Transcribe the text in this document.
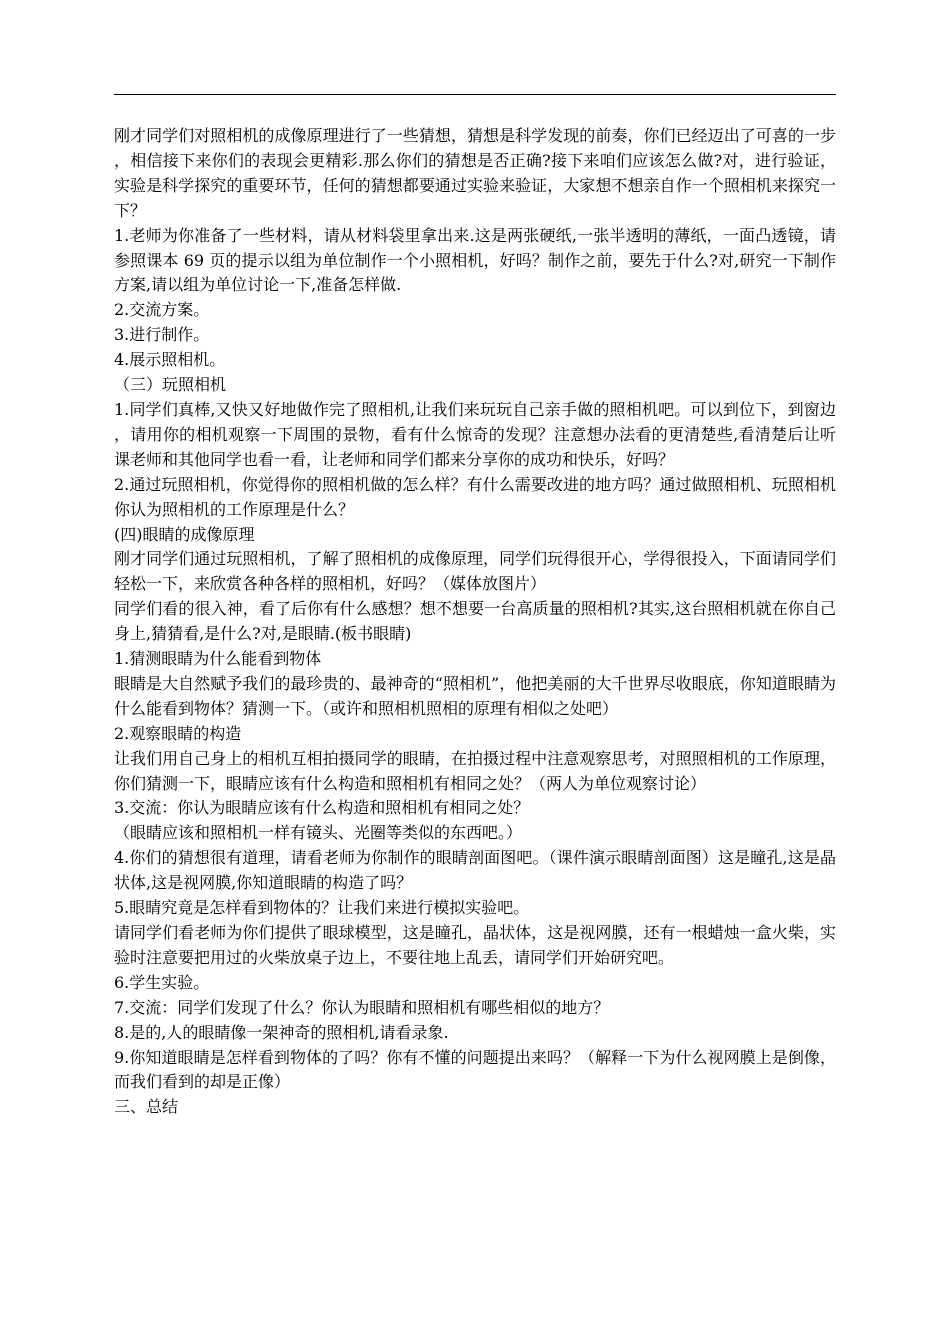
刚才同学们对照相机的成像原理进行了一些猜想，猜想是科学发现的前奏，你们已经迈出了可喜的一步，相信接下来你们的表现会更精彩.那么你们的猜想是否正确?接下来咱们应该怎么做?对，进行验证，实验是科学探究的重要环节，任何的猜想都要通过实验来验证，大家想不想亲自作一个照相机来探究一下？

1.老师为你准备了一些材料，请从材料袋里拿出来.这是两张硬纸,一张半透明的薄纸，一面凸透镜，请参照课本 69 页的提示以组为单位制作一个小照相机，好吗？制作之前，要先于什么?对,研究一下制作方案,请以组为单位讨论一下,准备怎样做.

2.交流方案。

3.进行制作。

4.展示照相机。

（三）玩照相机

1.同学们真棒,又快又好地做作完了照相机,让我们来玩玩自己亲手做的照相机吧。可以到位下，到窗边，请用你的相机观察一下周围的景物，看有什么惊奇的发现？注意想办法看的更清楚些,看清楚后让听课老师和其他同学也看一看，让老师和同学们都来分享你的成功和快乐，好吗？

2.通过玩照相机，你觉得你的照相机做的怎么样？有什么需要改进的地方吗？通过做照相机、玩照相机你认为照相机的工作原理是什么？

(四)眼睛的成像原理

刚才同学们通过玩照相机，了解了照相机的成像原理，同学们玩得很开心，学得很投入，下面请同学们轻松一下，来欣赏各种各样的照相机，好吗？（媒体放图片）

同学们看的很入神，看了后你有什么感想？想不想要一台高质量的照相机?其实,这台照相机就在你自己身上,猜猜看,是什么?对,是眼睛.(板书眼睛)

1.猜测眼睛为什么能看到物体

眼睛是大自然赋予我们的最珍贵的、最神奇的“照相机”，他把美丽的大千世界尽收眼底，你知道眼睛为什么能看到物体？猜测一下。（或许和照相机照相的原理有相似之处吧）

2.观察眼睛的构造

让我们用自己身上的相机互相拍摄同学的眼睛，在拍摄过程中注意观察思考，对照照相机的工作原理，你们猜测一下，眼睛应该有什么构造和照相机有相同之处？（两人为单位观察讨论）

3.交流：你认为眼睛应该有什么构造和照相机有相同之处？

（眼睛应该和照相机一样有镜头、光圈等类似的东西吧。）

4.你们的猜想很有道理，请看老师为你制作的眼睛剖面图吧。（课件演示眼睛剖面图）这是瞳孔,这是晶状体,这是视网膜,你知道眼睛的构造了吗？

5.眼睛究竟是怎样看到物体的？让我们来进行模拟实验吧。

请同学们看老师为你们提供了眼球模型，这是瞳孔，晶状体，这是视网膜，还有一根蜡烛一盒火柴，实验时注意要把用过的火柴放桌子边上，不要往地上乱丢，请同学们开始研究吧。

6.学生实验。

7.交流：同学们发现了什么？你认为眼睛和照相机有哪些相似的地方？

8.是的,人的眼睛像一架神奇的照相机,请看录象.

9.你知道眼睛是怎样看到物体的了吗？你有不懂的问题提出来吗？（解释一下为什么视网膜上是倒像，而我们看到的却是正像）

三、总结
